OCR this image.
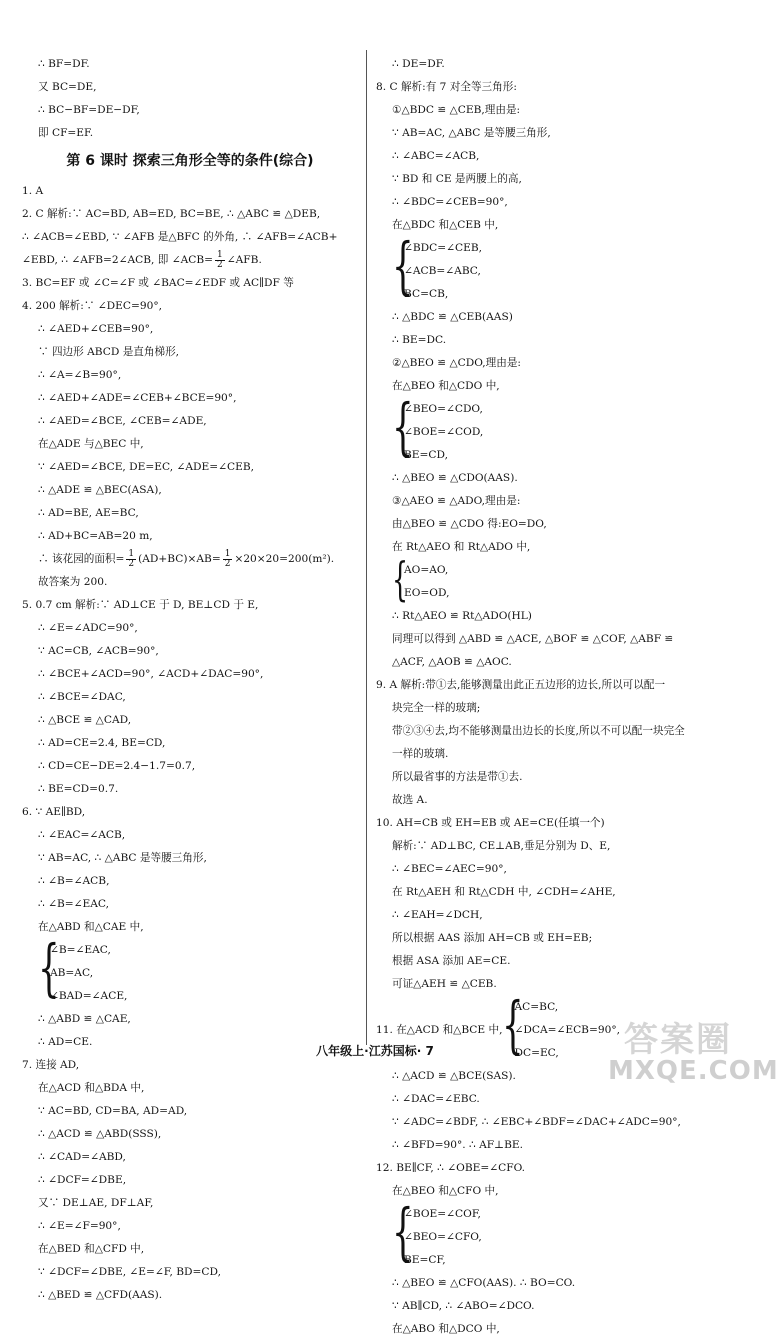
∴ BF=DF.
又 BC=DE,
∴ BC−BF=DE−DF,
即 CF=EF.
第 6 课时 探索三角形全等的条件(综合)
1. A
2. C 解析:∵ AC=BD, AB=ED, BC=BE, ∴ △ABC ≌ △DEB,
∴ ∠ACB=∠EBD, ∵ ∠AFB 是△BFC 的外角, ∴ ∠AFB=∠ACB+
∠EBD, ∴ ∠AFB=2∠ACB, 即 ∠ACB= $\frac{1}{2}$ ∠AFB.
3. BC=EF 或 ∠C=∠F 或 ∠BAC=∠EDF 或 AC∥DF 等
4. 200 解析:∵ ∠DEC=90°,
∴ ∠AED+∠CEB=90°,
∵ 四边形 ABCD 是直角梯形,
∴ ∠A=∠B=90°,
∴ ∠AED+∠ADE=∠CEB+∠BCE=90°,
∴ ∠AED=∠BCE, ∠CEB=∠ADE,
在△ADE 与△BEC 中,
∵ ∠AED=∠BCE, DE=EC, ∠ADE=∠CEB,
∴ △ADE ≌ △BEC(ASA),
∴ AD=BE, AE=BC,
∴ AD+BC=AB=20 m,
∴ 该花园的面积= $\frac{1}{2} (AD+BC)\times AB= \frac{1}{2} \times 20\times 20=200(m^2)$.
故答案为 200.
5. 0.7 cm 解析:∵ AD⊥CE 于 D, BE⊥CD 于 E,
∴ ∠E=∠ADC=90°,
∵ AC=CB, ∠ACB=90°,
∴ ∠BCE+∠ACD=90°, ∠ACD+∠DAC=90°,
∴ ∠BCE=∠DAC,
∴ △BCE ≌ △CAD,
∴ AD=CE=2.4, BE=CD,
∴ CD=CE−DE=2.4−1.7=0.7,
∴ BE=CD=0.7.
6. ∵ AE∥BD,
∴ ∠EAC=∠ACB,
∵ AB=AC, ∴ △ABC 是等腰三角形,
∴ ∠B=∠ACB,
∴ ∠B=∠EAC,
在△ABD 和△CAE 中,
{
∠B=∠EAC,
AB=AC,
∠BAD=∠ACE,
∴ △ABD ≌ △CAE,
∴ AD=CE.
7. 连接 AD,
在△ACD 和△BDA 中,
∵ AC=BD, CD=BA, AD=AD,
∴ △ACD ≌ △ABD(SSS),
∴ ∠CAD=∠ABD,
∴ ∠DCF=∠DBE,
又∵ DE⊥AE, DF⊥AF,
∴ ∠E=∠F=90°,
在△BED 和△CFD 中,
∵ ∠DCF=∠DBE, ∠E=∠F, BD=CD,
∴ △BED ≌ △CFD(AAS).
∴ DE=DF.
8. C 解析:有 7 对全等三角形:
①△BDC ≌ △CEB,理由是:
∵ AB=AC, △ABC 是等腰三角形,
∴ ∠ABC=∠ACB,
∵ BD 和 CE 是两腰上的高,
∴ ∠BDC=∠CEB=90°,
在△BDC 和△CEB 中,
{
∠BDC=∠CEB,
∠ACB=∠ABC,
BC=CB,
∴ △BDC ≌ △CEB(AAS)
∴ BE=DC.
②△BEO ≌ △CDO,理由是:
在△BEO 和△CDO 中,
{
∠BEO=∠CDO,
∠BOE=∠COD,
BE=CD,
∴ △BEO ≌ △CDO(AAS).
③△AEO ≌ △ADO,理由是:
由△BEO ≌ △CDO 得:EO=DO,
在 Rt△AEO 和 Rt△ADO 中,
{
AO=AO,
EO=OD,
∴ Rt△AEO ≌ Rt△ADO(HL)
同理可以得到 △ABD ≌ △ACE, △BOF ≌ △COF, △ABF ≌
△ACF, △AOB ≌ △AOC.
9. A 解析:带①去,能够测量出此正五边形的边长,所以可以配一
块完全一样的玻璃;
带②③④去,均不能够测量出边长的长度,所以不可以配一块完全
一样的玻璃.
所以最省事的方法是带①去.
故选 A.
10. AH=CB 或 EH=EB 或 AE=CE(任填一个)
解析:∵ AD⊥BC, CE⊥AB,垂足分别为 D、E,
∴ ∠BEC=∠AEC=90°,
在 Rt△AEH 和 Rt△CDH 中, ∠CDH=∠AHE,
∴ ∠EAH=∠DCH,
所以根据 AAS 添加 AH=CB 或 EH=EB;
根据 ASA 添加 AE=CE.
可证△AEH ≌ △CEB.
11. 在△ACD 和△BCE 中, {
AC=BC,
∠DCA=∠ECB=90°,
DC=EC,
∴ △ACD ≌ △BCE(SAS).
∴ ∠DAC=∠EBC.
∵ ∠ADC=∠BDF, ∴ ∠EBC+∠BDF=∠DAC+∠ADC=90°,
∴ ∠BFD=90°. ∴ AF⊥BE.
12. BE∥CF, ∴ ∠OBE=∠CFO.
在△BEO 和△CFO 中,
{
∠BOE=∠COF,
∠BEO=∠CFO,
BE=CF,
∴ △BEO ≌ △CFO(AAS). ∴ BO=CO.
∵ AB∥CD, ∴ ∠ABO=∠DCO.
在△ABO 和△DCO 中,
八年级上·江苏国标· 7	答案圈
MXQE.COM
